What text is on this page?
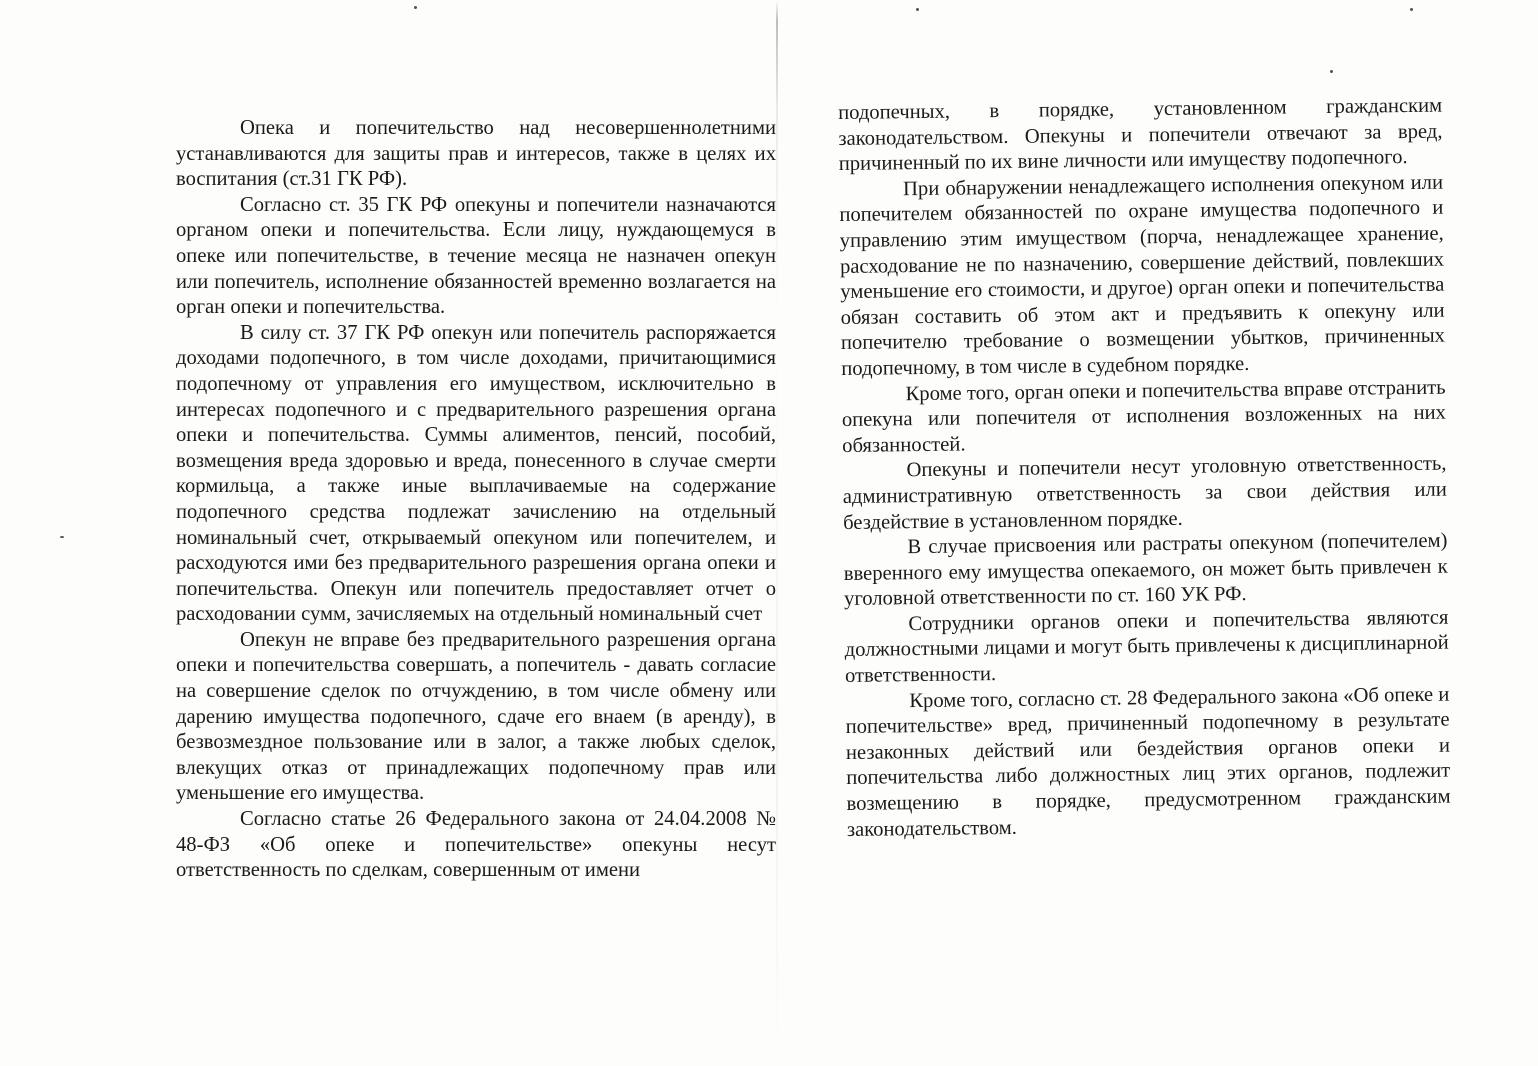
Опека и попечительство над несовершеннолетними устанавливаются для защиты прав и интересов, также в целях их воспитания (ст.31 ГК РФ).

Согласно ст. 35 ГК РФ опекуны и попечители назначаются органом опеки и попечительства. Если лицу, нуждающемуся в опеке или попечительстве, в течение месяца не назначен опекун или попечитель, исполнение обязанностей временно возлагается на орган опеки и попечительства.

В силу ст. 37 ГК РФ опекун или попечитель распоряжается доходами подопечного, в том числе доходами, причитающимися подопечному от управления его имуществом, исключительно в интересах подопечного и с предварительного разрешения органа опеки и попечительства. Суммы алиментов, пенсий, пособий, возмещения вреда здоровью и вреда, понесенного в случае смерти кормильца, а также иные выплачиваемые на содержание подопечного средства подлежат зачислению на отдельный номинальный счет, открываемый опекуном или попечителем, и расходуются ими без предварительного разрешения органа опеки и попечительства. Опекун или попечитель предоставляет отчет о расходовании сумм, зачисляемых на отдельный номинальный счет

Опекун не вправе без предварительного разрешения органа опеки и попечительства совершать, а попечитель - давать согласие на совершение сделок по отчуждению, в том числе обмену или дарению имущества подопечного, сдаче его внаем (в аренду), в безвозмездное пользование или в залог, а также любых сделок, влекущих отказ от принадлежащих подопечному прав или уменьшение его имущества.

Согласно статье 26 Федерального закона от 24.04.2008 № 48-ФЗ «Об опеке и попечительстве» опекуны несут ответственность по сделкам, совершенным от имени

подопечных, в порядке, установленном гражданским законодательством. Опекуны и попечители отвечают за вред, причиненный по их вине личности или имуществу подопечного.

При обнаружении ненадлежащего исполнения опекуном или попечителем обязанностей по охране имущества подопечного и управлению этим имуществом (порча, ненадлежащее хранение, расходование не по назначению, совершение действий, повлекших уменьшение его стоимости, и другое) орган опеки и попечительства обязан составить об этом акт и предъявить к опекуну или попечителю требование о возмещении убытков, причиненных подопечному, в том числе в судебном порядке.

Кроме того, орган опеки и попечительства вправе отстранить опекуна или попечителя от исполнения возложенных на них обязанностей.

Опекуны и попечители несут уголовную ответственность, административную ответственность за свои действия или бездействие в установленном порядке.

В случае присвоения или растраты опекуном (попечителем) вверенного ему имущества опекаемого, он может быть привлечен к уголовной ответственности по ст. 160 УК РФ.

Сотрудники органов опеки и попечительства являются должностными лицами и могут быть привлечены к дисциплинарной ответственности.

Кроме того, согласно ст. 28 Федерального закона «Об опеке и попечительстве» вред, причиненный подопечному в результате незаконных действий или бездействия органов опеки и попечительства либо должностных лиц этих органов, подлежит возмещению в порядке, предусмотренном гражданским законодательством.
